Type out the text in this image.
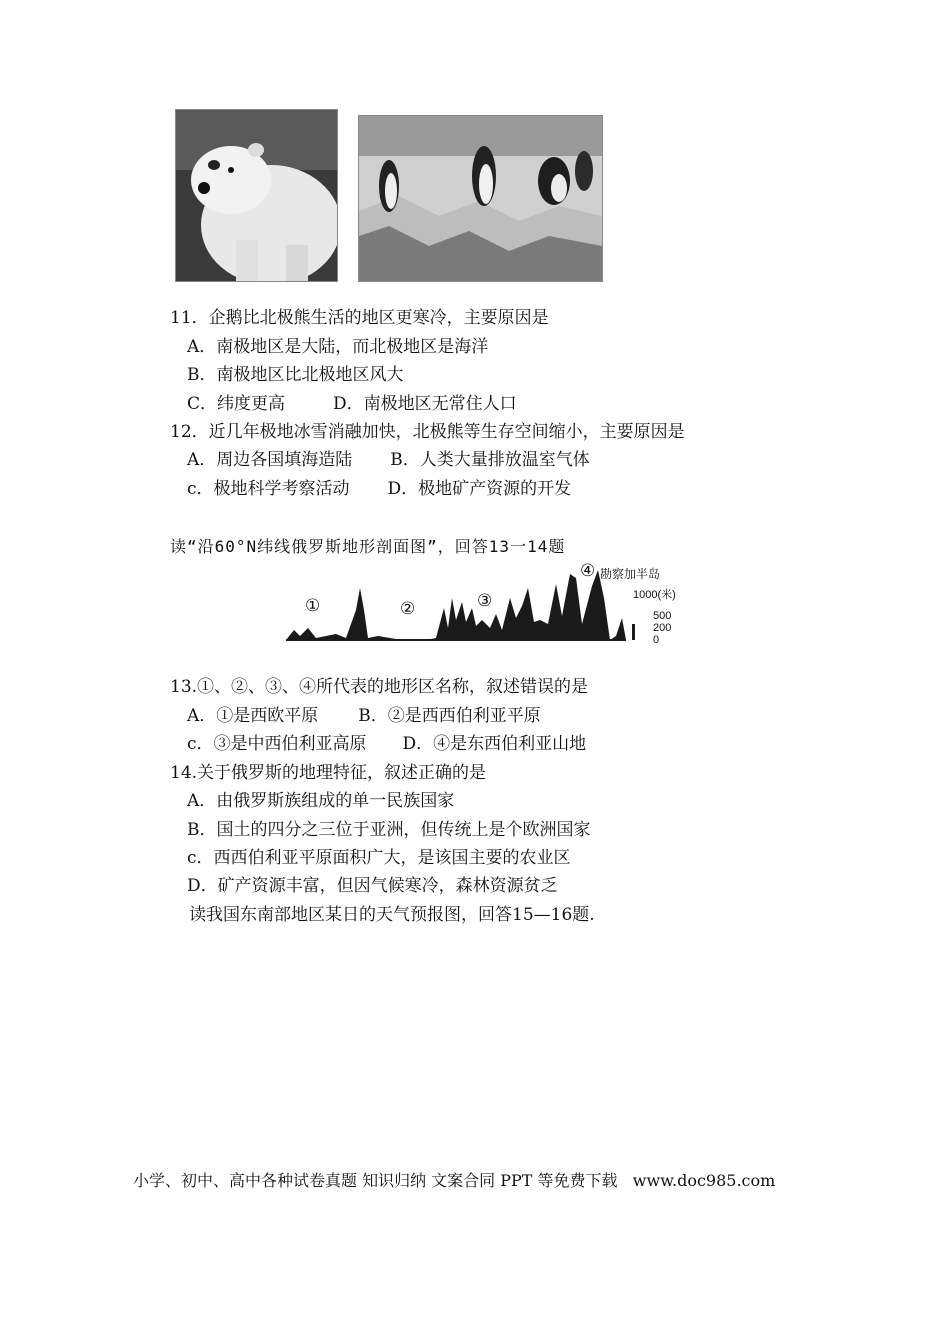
11．企鹅比北极熊生活的地区更寒冷，主要原因是
A．南极地区是大陆，而北极地区是海洋
B．南极地区比北极地区风大
C．纬度更高	D．南极地区无常住人口
12．近几年极地冰雪消融加快，北极熊等生存空间缩小，主要原因是
A．周边各国填海造陆 B．人类大量排放温室气体
c．极地科学考察活动 D．极地矿产资源的开发
读“沿60°N纬线俄罗斯地形剖面图”，回答13一14题
①	②	③
④ 勘察加半岛
1000(米)
500
200
0
13.①、②、③、④所代表的地形区名称，叙述错误的是
A．①是西欧平原 B．②是西西伯利亚平原
c．③是中西伯利亚高原 D．④是东西伯利亚山地
14.关于俄罗斯的地理特征，叙述正确的是
A．由俄罗斯族组成的单一民族国家
B．国土的四分之三位于亚洲，但传统上是个欧洲国家
c．西西伯利亚平原面积广大，是该国主要的农业区
D．矿产资源丰富，但因气候寒冷，森林资源贫乏
读我国东南部地区某日的天气预报图，回答15—16题.
小学、初中、高中各种试卷真题 知识归纳 文案合同 PPT 等免费下载   www.doc985.com
